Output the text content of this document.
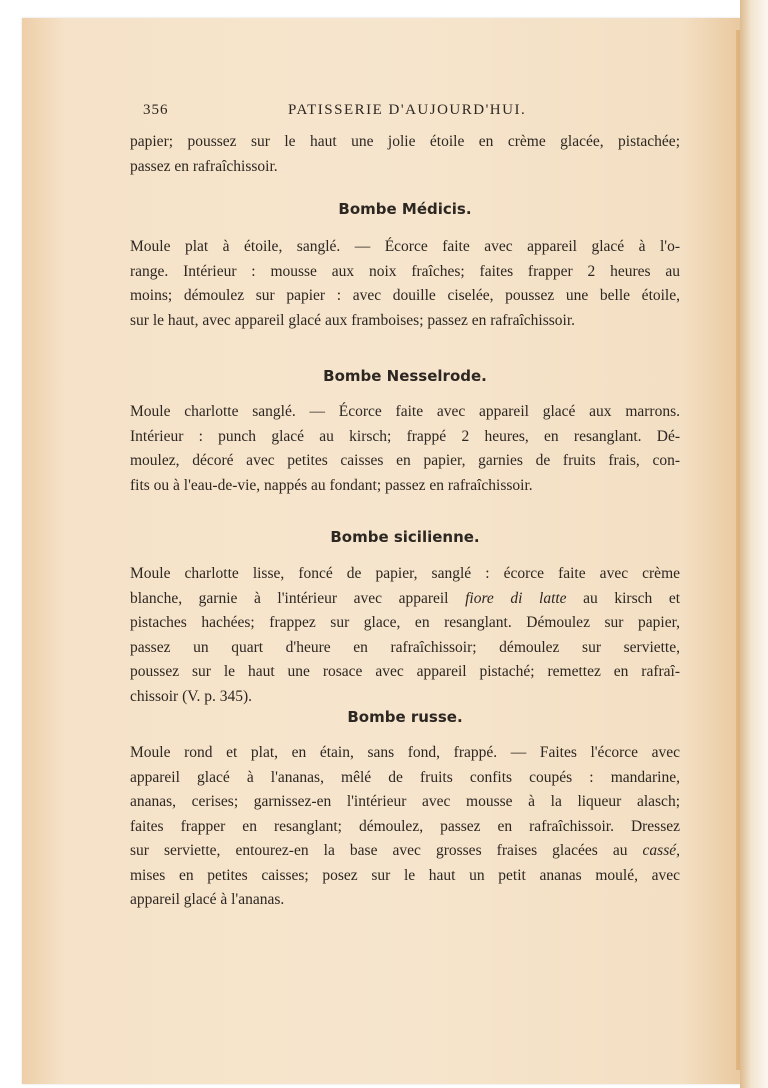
356	PATISSERIE D'AUJOURD'HUI.
papier; poussez sur le haut une jolie étoile en crème glacée, pistachée;
passez en rafraîchissoir.
Bombe Médicis.
Moule plat à étoile, sanglé. — Écorce faite avec appareil glacé à l'o-
range. Intérieur : mousse aux noix fraîches; faites frapper 2 heures au
moins; démoulez sur papier : avec douille ciselée, poussez une belle étoile,
sur le haut, avec appareil glacé aux framboises; passez en rafraîchissoir.
Bombe Nesselrode.
Moule charlotte sanglé. — Écorce faite avec appareil glacé aux marrons.
Intérieur : punch glacé au kirsch; frappé 2 heures, en resanglant. Dé-
moulez, décoré avec petites caisses en papier, garnies de fruits frais, con-
fits ou à l'eau-de-vie, nappés au fondant; passez en rafraîchissoir.
Bombe sicilienne.
Moule charlotte lisse, foncé de papier, sanglé : écorce faite avec crème
blanche, garnie à l'intérieur avec appareil fiore di latte au kirsch et
pistaches hachées; frappez sur glace, en resanglant. Démoulez sur papier,
passez un quart d'heure en rafraîchissoir; démoulez sur serviette,
poussez sur le haut une rosace avec appareil pistaché; remettez en rafraî-
chissoir (V. p. 345).
Bombe russe.
Moule rond et plat, en étain, sans fond, frappé. — Faites l'écorce avec
appareil glacé à l'ananas, mêlé de fruits confits coupés : mandarine,
ananas, cerises; garnissez-en l'intérieur avec mousse à la liqueur alasch;
faites frapper en resanglant; démoulez, passez en rafraîchissoir. Dressez
sur serviette, entourez-en la base avec grosses fraises glacées au cassé,
mises en petites caisses; posez sur le haut un petit ananas moulé, avec
appareil glacé à l'ananas.
